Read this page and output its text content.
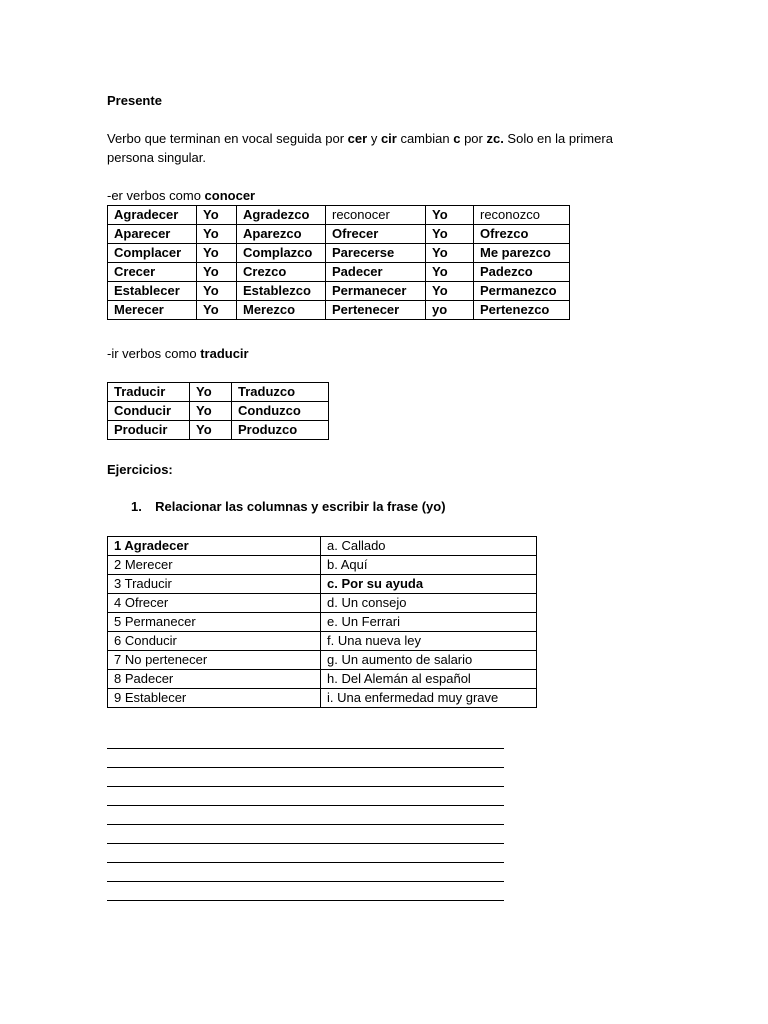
Presente
Verbo que terminan en vocal seguida por cer y cir cambian c por zc. Solo en la primera
persona singular.
-er verbos como conocer
Agradecer	Yo	Agradezco	reconocer	Yo	reconozco
Aparecer	Yo	Aparezco	Ofrecer	Yo	Ofrezco
Complacer	Yo	Complazco	Parecerse	Yo	Me parezco
Crecer	Yo	Crezco	Padecer	Yo	Padezco
Establecer	Yo	Establezco	Permanecer	Yo	Permanezco
Merecer	Yo	Merezco	Pertenecer	yo	Pertenezco
-ir verbos como traducir
Traducir	Yo	Traduzco
Conducir	Yo	Conduzco
Producir	Yo	Produzco
Ejercicios:
1. Relacionar las columnas y escribir la frase (yo)
1 Agradecer	a. Callado
2 Merecer	b. Aquí
3 Traducir	c. Por su ayuda
4 Ofrecer	d. Un consejo
5 Permanecer	e. Un Ferrari
6 Conducir	f. Una nueva ley
7 No pertenecer	g. Un aumento de salario
8 Padecer	h. Del Alemán al español
9 Establecer	i. Una enfermedad muy grave
